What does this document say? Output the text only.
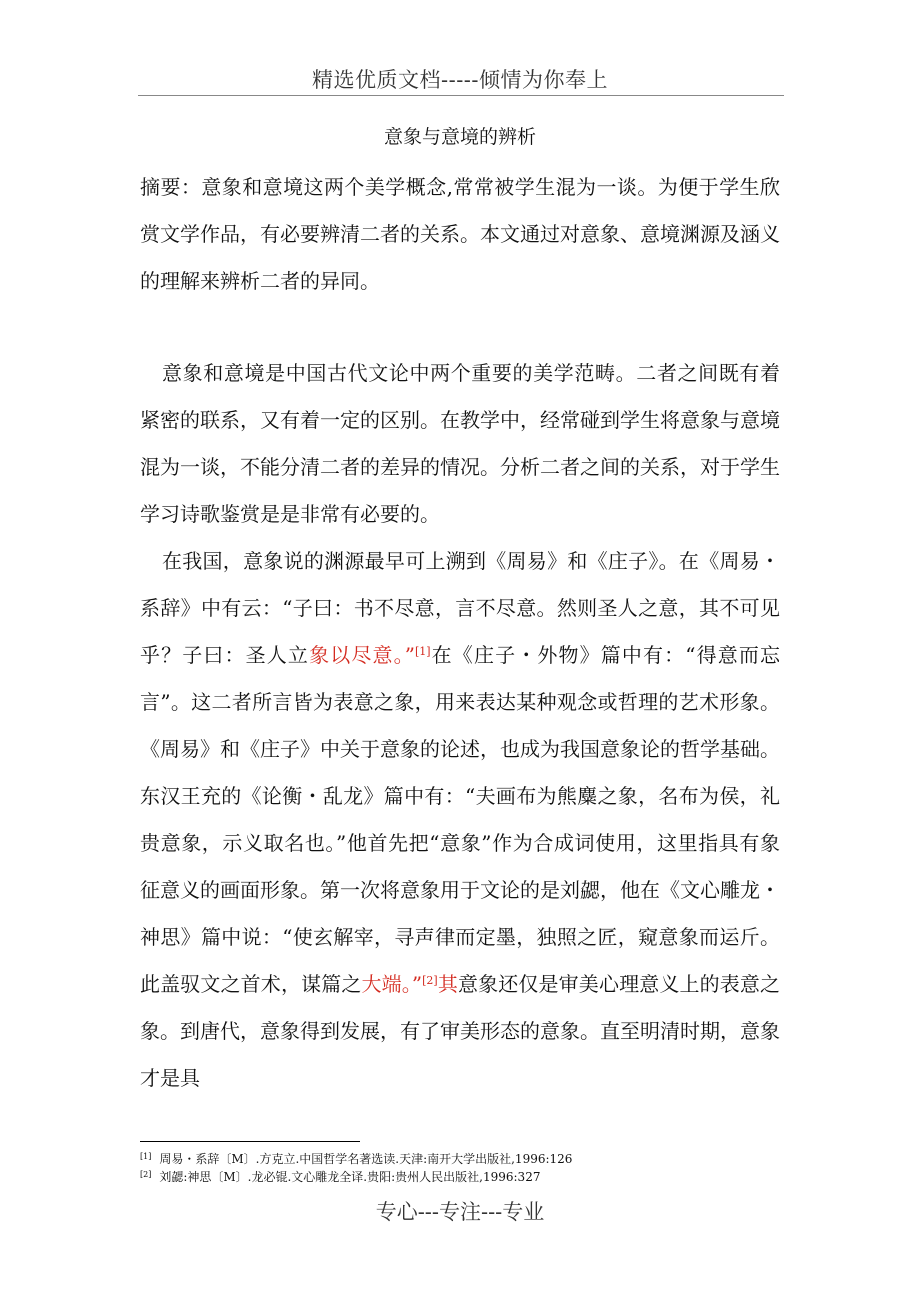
精选优质文档-----倾情为你奉上
意象与意境的辨析

摘要：意象和意境这两个美学概念,常常被学生混为一谈。为便于学生欣赏文学作品，有必要辨清二者的关系。本文通过对意象、意境渊源及涵义的理解来辨析二者的异同。

意象和意境是中国古代文论中两个重要的美学范畴。二者之间既有着紧密的联系，又有着一定的区别。在教学中，经常碰到学生将意象与意境混为一谈，不能分清二者的差异的情况。分析二者之间的关系，对于学生学习诗歌鉴赏是是非常有必要的。

在我国，意象说的渊源最早可上溯到《周易》和《庄子》。在《周易・系辞》中有云：“子曰：书不尽意，言不尽意。然则圣人之意，其不可见乎？子曰：圣人立象以尽意。”[1]在《庄子・外物》篇中有：“得意而忘言”。这二者所言皆为表意之象，用来表达某种观念或哲理的艺术形象。《周易》和《庄子》中关于意象的论述，也成为我国意象论的哲学基础。东汉王充的《论衡・乱龙》篇中有：“夫画布为熊麋之象，名布为侯，礼贵意象，示义取名也。”他首先把“意象”作为合成词使用，这里指具有象征意义的画面形象。第一次将意象用于文论的是刘勰，他在《文心雕龙・神思》篇中说：“使玄解宰，寻声律而定墨，独照之匠，窥意象而运斤。此盖驭文之首术，谋篇之大端。”[2]其意象还仅是审美心理意义上的表意之象。到唐代，意象得到发展，有了审美形态的意象。直至明清时期，意象才是具

[1] 周易・系辞〔M〕.方克立.中国哲学名著选读.天津:南开大学出版社,1996:126

[2] 刘勰:神思〔M〕.龙必锟.文心雕龙全译.贵阳:贵州人民出版社,1996:327

专心---专注---专业
